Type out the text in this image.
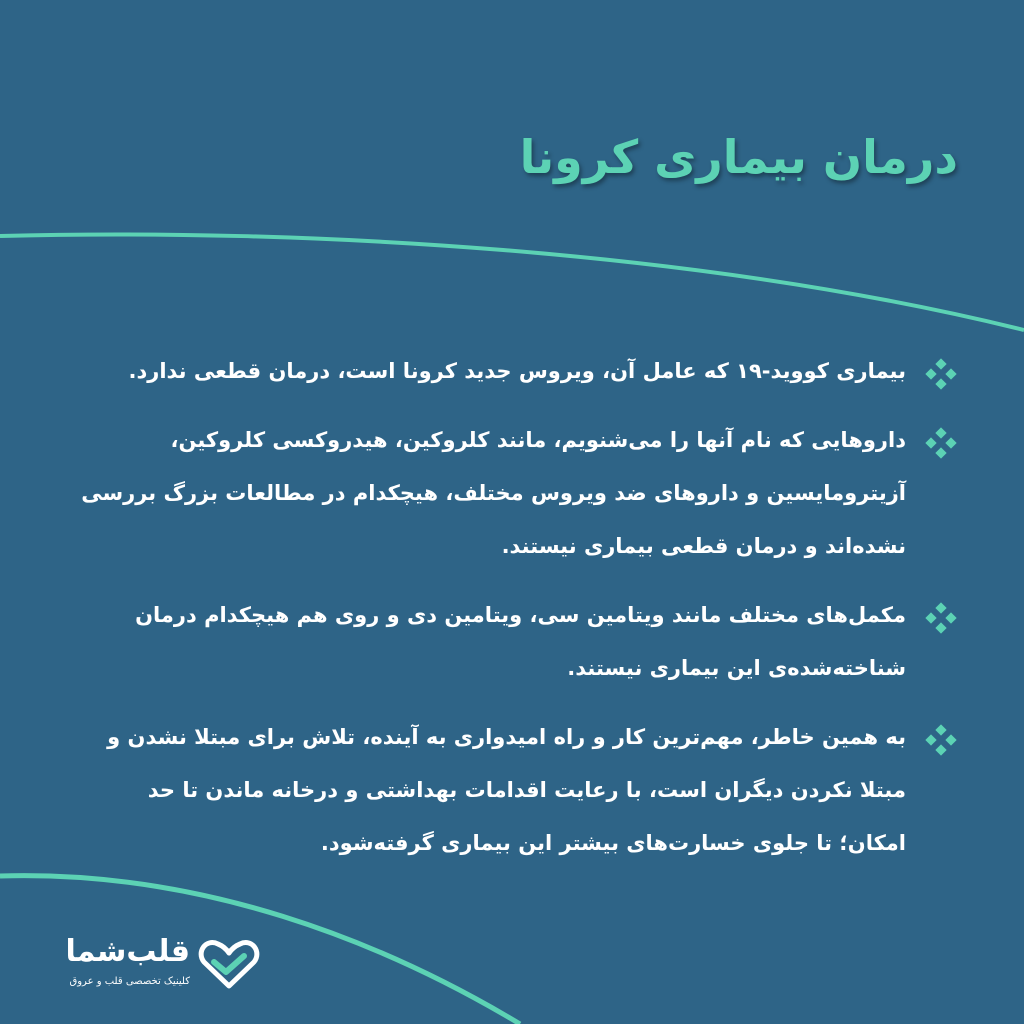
درمان بیماری کرونا
بیماری کووید-۱۹ که عامل آن، ویروس جدید کرونا است، درمان قطعی ندارد.
داروهایی که نام آنها را می‌شنویم، مانند کلروکین، هیدروکسی کلروکین، آزیترومایسین و داروهای ضد ویروس مختلف، هیچکدام در مطالعات بزرگ بررسی نشده‌اند و درمان قطعی بیماری نیستند.
مکمل‌های مختلف مانند ویتامین سی، ویتامین دی و روی هم هیچکدام درمان شناخته‌شده‌ی این بیماری نیستند.
به همین خاطر، مهم‌ترین کار و راه امیدواری به آینده، تلاش برای مبتلا نشدن و مبتلا نکردن دیگران است، با رعایت اقدامات بهداشتی و درخانه ماندن تا حد امکان؛ تا جلوی خسارت‌های بیشتر این بیماری گرفته‌شود.
قلب‌شما
کلینیک تخصصی قلب و عروق
